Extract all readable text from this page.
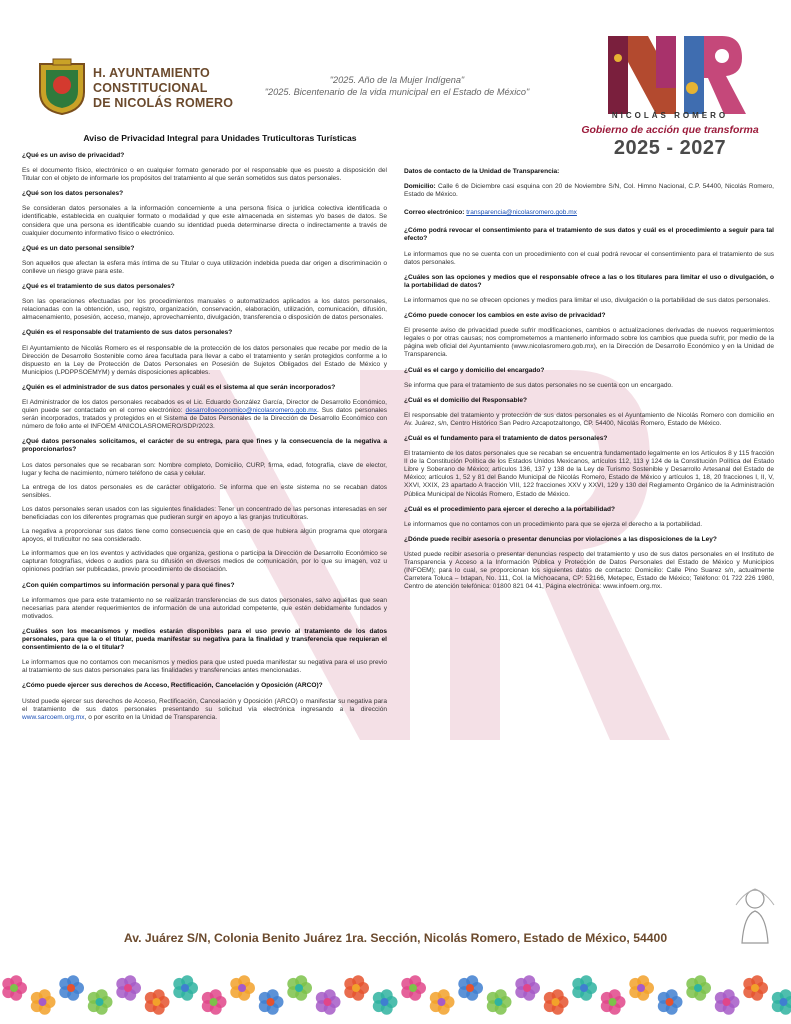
H. AYUNTAMIENTO
CONSTITUCIONAL
DE NICOLÁS ROMERO
"2025. Año de la Mujer Indígena"
"2025. Bicentenario de la vida municipal en el Estado de México"
NICOLÁS ROMERO
Gobierno de acción que transforma
2025 - 2027
Aviso de Privacidad Integral para Unidades Truticultoras Turísticas
¿Qué es un aviso de privacidad?
Es el documento físico, electrónico o en cualquier formato generado por el responsable que es puesto a disposición del Titular con el objeto de informarle los propósitos del tratamiento al que serán sometidos sus datos personales.
¿Qué son los datos personales?
Se consideran datos personales a la información concerniente a una persona física o jurídica colectiva identificada o identificable, establecida en cualquier formato o modalidad y que este almacenada en sistemas y/o bases de datos. Se considera que una persona es identificable cuando su identidad pueda determinarse directa o indirectamente a través de cualquier documento informativo físico o electrónico.
¿Qué es un dato personal sensible?
Son aquellos que afectan la esfera más íntima de su Titular o cuya utilización indebida pueda dar origen a discriminación o conlleve un riesgo grave para este.
¿Qué es el tratamiento de sus datos personales?
Son las operaciones efectuadas por los procedimientos manuales o automatizados aplicados a los datos personales, relacionadas con la obtención, uso, registro, organización, conservación, elaboración, utilización, comunicación, difusión, almacenamiento, posesión, acceso, manejo, aprovechamiento, divulgación, transferencia o disposición de datos personales.
¿Quién es el responsable del tratamiento de sus datos personales?
El Ayuntamiento de Nicolás Romero es el responsable de la protección de los datos personales que recabe por medio de la Dirección de Desarrollo Sostenible como área facultada para llevar a cabo el tratamiento y serán protegidos conforme a lo dispuesto en la Ley de Protección de Datos Personales en Posesión de Sujetos Obligados del Estado de México y Municipios (LPDPPSOEMYM) y demás disposiciones aplicables.
¿Quién es el administrador de sus datos personales y cuál es el sistema al que serán incorporados?
El Administrador de los datos personales recabados es el Lic. Eduardo González García, Director de Desarrollo Económico, quien puede ser contactado en el correo electrónico: desarrolloeconomico@nicolasromero.gob.mx. Sus datos personales serán incorporados, tratados y protegidos en el Sistema de Datos Personales de la Dirección de Desarrollo Económico con número de folio ante el INFOEM 4/NICOLASROMERO/SDP/2023.
¿Qué datos personales solicitamos, el carácter de su entrega, para que fines y la consecuencia de la negativa a proporcionarlos?
Los datos personales que se recabaran son: Nombre completo, Domicilio, CURP, firma, edad, fotografía, clave de elector, lugar y fecha de nacimiento, número teléfono de casa y celular.
La entrega de los datos personales es de carácter obligatorio. Se informa que en este sistema no se recaban datos sensibles.
Los datos personales seran usados con las siguientes finalidades: Tener un concentrado de las personas interesadas en ser beneficiadas con los diferentes programas que pudieran surgir en apoyo a las granjas truticultoras.
La negativa a proporcionar sus datos tiene como consecuencia que en caso de que hubiera algún programa que otorgara apoyos, el truticultor no sea considerado.
Le informamos que en los eventos y actividades que organiza, gestiona o participa la Dirección de Desarrollo Económico se capturan fotografías, videos o audios para su difusión en diversos medios de comunicación, por lo que su imagen, voz u opiniones podrían ser publicadas, previo procedimiento de disociación.
¿Con quién compartimos su información personal y para qué fines?
Le informamos que para este tratamiento no se realizarán transferencias de sus datos personales, salvo aquéllas que sean necesarias para atender requerimientos de información de una autoridad competente, que estén debidamente fundados y motivados.
¿Cuáles son los mecanismos y medios estarán disponibles para el uso previo al tratamiento de los datos personales, para que la o el titular, pueda manifestar su negativa para la finalidad y transferencia que requieran el consentimiento de la o el titular?
Le informamos que no contamos con mecanismos y medios para que usted pueda manifestar su negativa para el uso previo al tratamiento de sus datos personales para las finalidades y transferencias antes mencionadas.
¿Cómo puede ejercer sus derechos de Acceso, Rectificación, Cancelación y Oposición (ARCO)?
Usted puede ejercer sus derechos de Acceso, Rectificación, Cancelación y Oposición (ARCO) o manifestar su negativa para el tratamiento de sus datos personales presentando su solicitud vía electrónica ingresando a la dirección www.sarcoem.org.mx, o por escrito en la Unidad de Transparencia.
Datos de contacto de la Unidad de Transparencia:
Domicilio: Calle 6 de Diciembre casi esquina con 20 de Noviembre S/N, Col. Himno Nacional, C.P. 54400, Nicolás Romero, Estado de México.
Correo electrónico: transparencia@nicolasromero.gob.mx
¿Cómo podrá revocar el consentimiento para el tratamiento de sus datos y cuál es el procedimiento a seguir para tal efecto?
Le informamos que no se cuenta con un procedimiento con el cual podrá revocar el consentimiento para el tratamiento de sus datos personales.
¿Cuáles son las opciones y medios que el responsable ofrece a las o los titulares para limitar el uso o divulgación, o la portabilidad de datos?
Le informamos que no se ofrecen opciones y medios para limitar el uso, divulgación o la portabilidad de sus datos personales.
¿Cómo puede conocer los cambios en este aviso de privacidad?
El presente aviso de privacidad puede sufrir modificaciones, cambios o actualizaciones derivadas de nuevos requerimientos legales o por otras causas; nos comprometemos a mantenerlo informado sobre los cambios que pueda sufrir, por medio de la página web oficial del Ayuntamiento (www.nicolasromero.gob.mx), en la Dirección de Desarrollo Económico y en la Unidad de Transparencia.
¿Cuál es el cargo y domicilio del encargado?
Se informa que para el tratamiento de sus datos personales no se cuenta con un encargado.
¿Cuál es el domicilio del Responsable?
El responsable del tratamiento y protección de sus datos personales es el Ayuntamiento de Nicolás Romero con domicilio en Av. Juárez, s/n, Centro Histórico San Pedro Azcapotzaltongo, CP. 54400, Nicolás Romero, Estado de México.
¿Cuál es el fundamento para el tratamiento de datos personales?
El tratamiento de los datos personales que se recaban se encuentra fundamentado legalmente en los Artículos 8 y 115 fracción II de la Constitución Política de los Estados Unidos Mexicanos, artículos 112, 113 y 124 de la Constitución Política del Estado Libre y Soberano de México; artículos 136, 137 y 138 de la Ley de Turismo Sostenible y Desarrollo Artesanal del Estado de México; artículos 1, 52 y 81 del Bando Municipal de Nicolás Romero, Estado de México y artículos 1, 18, 20 fracciones I, II, V, XXVI, XXIX, 23 apartado A fracción VIII, 122 fracciones XXV y XXVI, 129 y 130 del Reglamento Orgánico de la Administración Pública Municipal de Nicolás Romero, Estado de México.
¿Cuál es el procedimiento para ejercer el derecho a la portabilidad?
Le informamos que no contamos con un procedimiento para que se ejerza el derecho a la portabilidad.
¿Dónde puede recibir asesoría o presentar denuncias por violaciones a las disposiciones de la Ley?
Usted puede recibir asesoría o presentar denuncias respecto del tratamiento y uso de sus datos personales en el Instituto de Transparencia y Acceso a la Información Pública y Protección de Datos Personales del Estado de México y Municipios (INFOEM); para lo cual, se proporcionan los siguientes datos de contacto: Domicilio: Calle Pino Suarez s/n, actualmente Carretera Toluca – Ixtapan, No. 111, Col. la Michoacana, CP: 52166, Metepec, Estado de México; Teléfono: 01 722 226 1980, Centro de atención telefónica: 01800 821 04 41, Página electrónica: www.infoem.org.mx.
Av. Juárez S/N, Colonia Benito Juárez 1ra. Sección, Nicolás Romero, Estado de México, 54400
